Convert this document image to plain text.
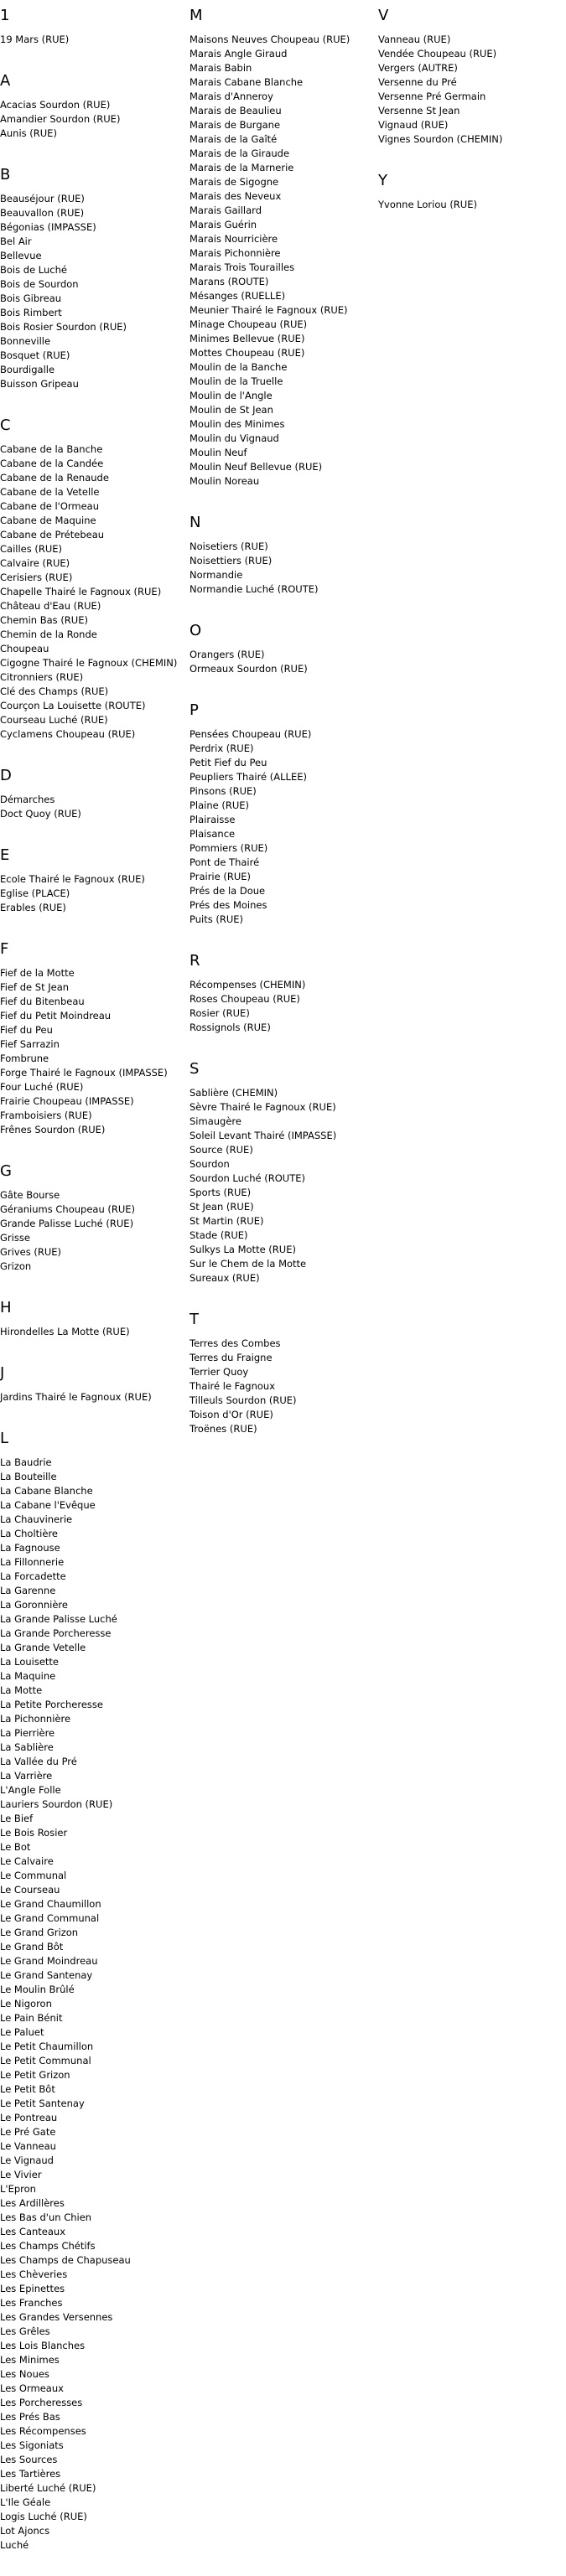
1
19 Mars (RUE)
A
Acacias Sourdon (RUE)
Amandier Sourdon (RUE)
Aunis (RUE)
B
Beauséjour (RUE)
Beauvallon (RUE)
Bégonias (IMPASSE)
Bel Air
Bellevue
Bois de Luché
Bois de Sourdon
Bois Gibreau
Bois Rimbert
Bois Rosier Sourdon (RUE)
Bonneville
Bosquet (RUE)
Bourdigalle
Buisson Gripeau
C
Cabane de la Banche
Cabane de la Candée
Cabane de la Renaude
Cabane de la Vetelle
Cabane de l'Ormeau
Cabane de Maquine
Cabane de Prétebeau
Cailles (RUE)
Calvaire (RUE)
Cerisiers (RUE)
Chapelle Thairé le Fagnoux (RUE)
Château d'Eau (RUE)
Chemin Bas (RUE)
Chemin de la Ronde
Choupeau
Cigogne Thairé le Fagnoux (CHEMIN)
Citronniers (RUE)
Clé des Champs (RUE)
Courçon La Louisette (ROUTE)
Courseau Luché (RUE)
Cyclamens Choupeau (RUE)
D
Démarches
Doct Quoy (RUE)
E
Ecole Thairé le Fagnoux (RUE)
Eglise (PLACE)
Erables (RUE)
F
Fief de la Motte
Fief de St Jean
Fief du Bitenbeau
Fief du Petit Moindreau
Fief du Peu
Fief Sarrazin
Fombrune
Forge Thairé le Fagnoux (IMPASSE)
Four Luché (RUE)
Frairie Choupeau (IMPASSE)
Framboisiers (RUE)
Frênes Sourdon (RUE)
G
Gâte Bourse
Géraniums Choupeau (RUE)
Grande Palisse Luché (RUE)
Grisse
Grives (RUE)
Grizon
H
Hirondelles La Motte (RUE)
J
Jardins Thairé le Fagnoux (RUE)
L
La Baudrie
La Bouteille
La Cabane Blanche
La Cabane l'Evêque
La Chauvinerie
La Choltière
La Fagnouse
La Fillonnerie
La Forcadette
La Garenne
La Goronnière
La Grande Palisse Luché
La Grande Porcheresse
La Grande Vetelle
La Louisette
La Maquine
La Motte
La Petite Porcheresse
La Pichonnière
La Pierrière
La Sablière
La Vallée du Pré
La Varrière
L'Angle Folle
Lauriers Sourdon (RUE)
Le Bief
Le Bois Rosier
Le Bot
Le Calvaire
Le Communal
Le Courseau
Le Grand Chaumillon
Le Grand Communal
Le Grand Grizon
Le Grand Bôt
Le Grand Moindreau
Le Grand Santenay
Le Moulin Brûlé
Le Nigoron
Le Pain Bénit
Le Paluet
Le Petit Chaumillon
Le Petit Communal
Le Petit Grizon
Le Petit Bôt
Le Petit Santenay
Le Pontreau
Le Pré Gate
Le Vanneau
Le Vignaud
Le Vivier
L'Epron
Les Ardillères
Les Bas d'un Chien
Les Canteaux
Les Champs Chétifs
Les Champs de Chapuseau
Les Chèveries
Les Epinettes
Les Franches
Les Grandes Versennes
Les Grêles
Les Lois Blanches
Les Minimes
Les Noues
Les Ormeaux
Les Porcheresses
Les Prés Bas
Les Récompenses
Les Sigoniats
Les Sources
Les Tartières
Liberté Luché (RUE)
L'Ile Géale
Logis Luché (RUE)
Lot Ajoncs
Luché
M
Maisons Neuves Choupeau (RUE)
Marais Angle Giraud
Marais Babin
Marais Cabane Blanche
Marais d'Anneroy
Marais de Beaulieu
Marais de Burgane
Marais de la Gaîté
Marais de la Giraude
Marais de la Marnerie
Marais de Sigogne
Marais des Neveux
Marais Gaillard
Marais Guérin
Marais Nourricière
Marais Pichonnière
Marais Trois Tourailles
Marans (ROUTE)
Mésanges (RUELLE)
Meunier Thairé le Fagnoux (RUE)
Minage Choupeau (RUE)
Minimes Bellevue (RUE)
Mottes Choupeau (RUE)
Moulin de la Banche
Moulin de la Truelle
Moulin de l'Angle
Moulin de St Jean
Moulin des Minimes
Moulin du Vignaud
Moulin Neuf
Moulin Neuf Bellevue (RUE)
Moulin Noreau
N
Noisetiers (RUE)
Noisettiers (RUE)
Normandie
Normandie Luché (ROUTE)
O
Orangers (RUE)
Ormeaux Sourdon (RUE)
P
Pensées Choupeau (RUE)
Perdrix (RUE)
Petit Fief du Peu
Peupliers Thairé (ALLEE)
Pinsons (RUE)
Plaine (RUE)
Plairaisse
Plaisance
Pommiers (RUE)
Pont de Thairé
Prairie (RUE)
Prés de la Doue
Prés des Moines
Puits (RUE)
R
Récompenses (CHEMIN)
Roses Choupeau (RUE)
Rosier (RUE)
Rossignols (RUE)
S
Sablière (CHEMIN)
Sèvre Thairé le Fagnoux (RUE)
Simaugère
Soleil Levant Thairé (IMPASSE)
Source (RUE)
Sourdon
Sourdon Luché (ROUTE)
Sports (RUE)
St Jean (RUE)
St Martin (RUE)
Stade (RUE)
Sulkys La Motte (RUE)
Sur le Chem de la Motte
Sureaux (RUE)
T
Terres des Combes
Terres du Fraigne
Terrier Quoy
Thairé le Fagnoux
Tilleuls Sourdon (RUE)
Toison d'Or (RUE)
Troënes (RUE)
V
Vanneau (RUE)
Vendée Choupeau (RUE)
Vergers (AUTRE)
Versenne du Pré
Versenne Pré Germain
Versenne St Jean
Vignaud (RUE)
Vignes Sourdon (CHEMIN)
Y
Yvonne Loriou (RUE)
